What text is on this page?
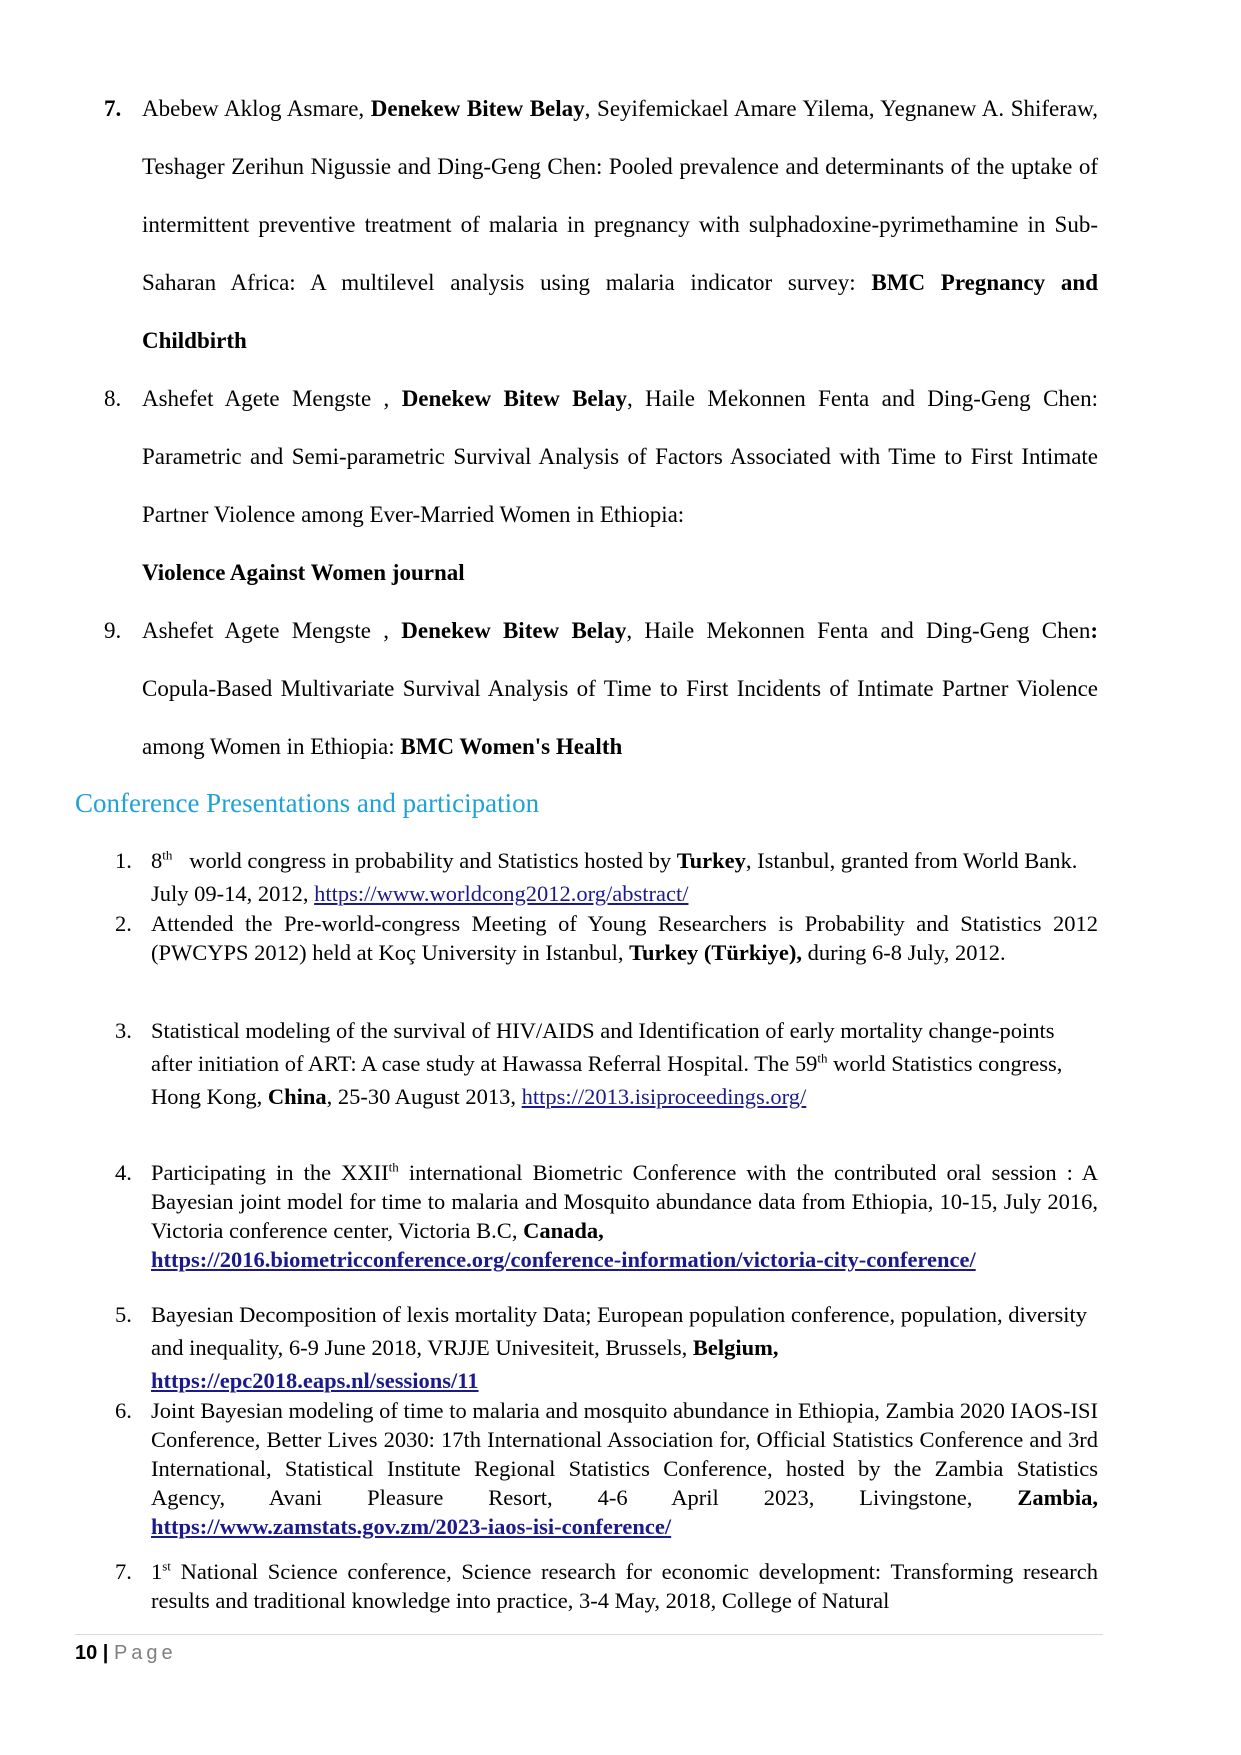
7. Abebew Aklog Asmare, Denekew Bitew Belay, Seyifemickael Amare Yilema, Yegnanew A. Shiferaw, Teshager Zerihun Nigussie and Ding-Geng Chen: Pooled prevalence and determinants of the uptake of intermittent preventive treatment of malaria in pregnancy with sulphadoxine-pyrimethamine in Sub-Saharan Africa: A multilevel analysis using malaria indicator survey: BMC Pregnancy and Childbirth
8. Ashefet Agete Mengste , Denekew Bitew Belay, Haile Mekonnen Fenta and Ding-Geng Chen: Parametric and Semi-parametric Survival Analysis of Factors Associated with Time to First Intimate Partner Violence among Ever-Married Women in Ethiopia:
Violence Against Women journal
9. Ashefet Agete Mengste , Denekew Bitew Belay, Haile Mekonnen Fenta and Ding-Geng Chen: Copula-Based Multivariate Survival Analysis of Time to First Incidents of Intimate Partner Violence among Women in Ethiopia: BMC Women's Health
Conference Presentations and participation
1. 8th   world congress in probability and Statistics hosted by Turkey, Istanbul, granted from World Bank. July 09-14, 2012, https://www.worldcong2012.org/abstract/
2. Attended the Pre-world-congress Meeting of Young Researchers is Probability and Statistics 2012 (PWCYPS 2012) held at Koç University in Istanbul, Turkey (Türkiye), during 6-8 July, 2012.
3. Statistical modeling of the survival of HIV/AIDS and Identification of early mortality change-points after initiation of ART: A case study at Hawassa Referral Hospital. The 59th world Statistics congress, Hong Kong, China, 25-30 August 2013, https://2013.isiproceedings.org/
4. Participating in the XXIIth international Biometric Conference with the contributed oral session : A Bayesian joint model for time to malaria and Mosquito abundance data from Ethiopia, 10-15, July 2016, Victoria conference center, Victoria B.C, Canada,
https://2016.biometricconference.org/conference-information/victoria-city-conference/
5. Bayesian Decomposition of lexis mortality Data; European population conference, population, diversity and inequality, 6-9 June 2018, VRJJE Univesiteit, Brussels, Belgium,
https://epc2018.eaps.nl/sessions/11
6. Joint Bayesian modeling of time to malaria and mosquito abundance in Ethiopia, Zambia 2020 IAOS-ISI Conference, Better Lives 2030: 17th International Association for, Official Statistics Conference and 3rd International, Statistical Institute Regional Statistics Conference, hosted by the Zambia Statistics Agency, Avani Pleasure Resort, 4-6 April 2023, Livingstone, Zambia, https://www.zamstats.gov.zm/2023-iaos-isi-conference/
7. 1st National Science conference, Science research for economic development: Transforming research results and traditional knowledge into practice, 3-4 May, 2018, College of Natural
10 | Page
